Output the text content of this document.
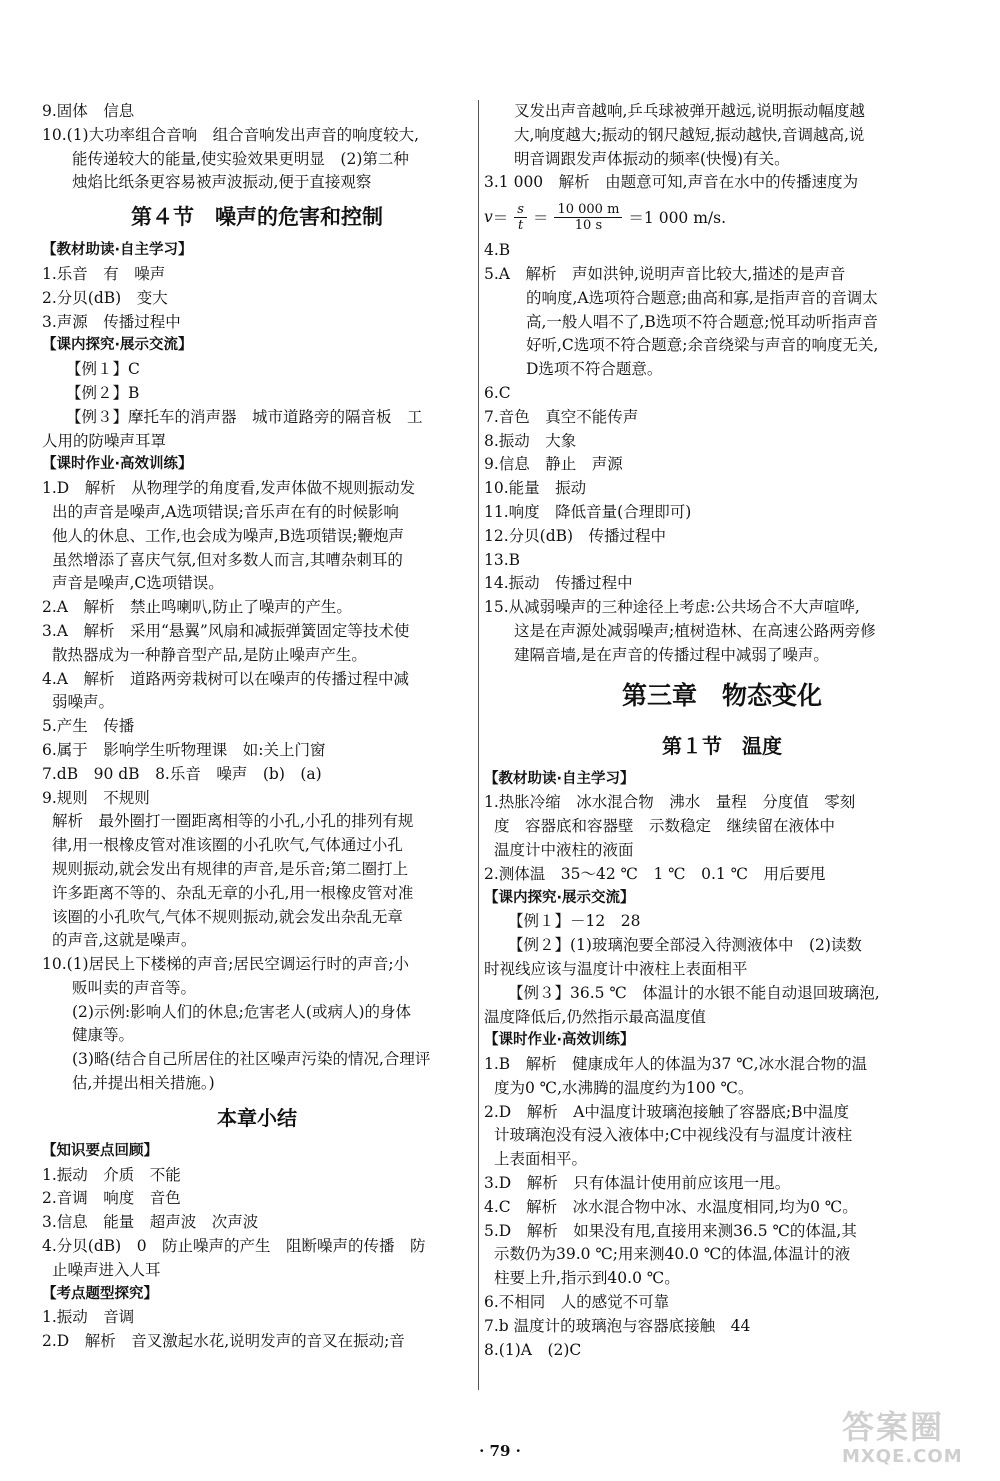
9.固体　信息
10.(1)大功率组合音响　组合音响发出声音的响度较大,
能传递较大的能量,使实验效果更明显　(2)第二种
烛焰比纸条更容易被声波振动,便于直接观察
第４节　噪声的危害和控制
【教材助读·自主学习】
1.乐音　有　噪声
2.分贝(dB)　变大
3.声源　传播过程中
【课内探究·展示交流】
【例１】C
【例２】B
【例３】摩托车的消声器　城市道路旁的隔音板　工
人用的防噪声耳罩
【课时作业·高效训练】
1.D　解析　从物理学的角度看,发声体做不规则振动发
出的声音是噪声,A选项错误;音乐声在有的时候影响
他人的休息、工作,也会成为噪声,B选项错误;鞭炮声
虽然增添了喜庆气氛,但对多数人而言,其嘈杂刺耳的
声音是噪声,C选项错误。
2.A　解析　禁止鸣喇叭,防止了噪声的产生。
3.A　解析　采用“悬翼”风扇和减振弹簧固定等技术使
散热器成为一种静音型产品,是防止噪声产生。
4.A　解析　道路两旁栽树可以在噪声的传播过程中减
弱噪声。
5.产生　传播
6.属于　影响学生听物理课　如:关上门窗
7.dB　90 dB　8.乐音　噪声　(b)　(a)
9.规则　不规则
解析　最外圈打一圈距离相等的小孔,小孔的排列有规
律,用一根橡皮管对准该圈的小孔吹气,气体通过小孔
规则振动,就会发出有规律的声音,是乐音;第二圈打上
许多距离不等的、杂乱无章的小孔,用一根橡皮管对准
该圈的小孔吹气,气体不规则振动,就会发出杂乱无章
的声音,这就是噪声。
10.(1)居民上下楼梯的声音;居民空调运行时的声音;小
贩叫卖的声音等。
(2)示例:影响人们的休息;危害老人(或病人)的身体
健康等。
(3)略(结合自己所居住的社区噪声污染的情况,合理评
估,并提出相关措施。)
本章小结
【知识要点回顾】
1.振动　介质　不能
2.音调　响度　音色
3.信息　能量　超声波　次声波
4.分贝(dB)　0　防止噪声的产生　阻断噪声的传播　防
止噪声进入人耳
【考点题型探究】
1.振动　音调
2.D　解析　音叉激起水花,说明发声的音叉在振动;音
叉发出声音越响,乒乓球被弹开越远,说明振动幅度越
大,响度越大;振动的钢尺越短,振动越快,音调越高,说
明音调跟发声体振动的频率(快慢)有关。
3.1 000　解析　由题意可知,声音在水中的传播速度为
$v = \frac{s}{t} = \frac{10 000 m}{10 s} =1$ 000 m/s.
4.B
5.A　解析　声如洪钟,说明声音比较大,描述的是声音
的响度,A选项符合题意;曲高和寡,是指声音的音调太
高,一般人唱不了,B选项不符合题意;悦耳动听指声音
好听,C选项不符合题意;余音绕梁与声音的响度无关,
D选项不符合题意。
6.C
7.音色　真空不能传声
8.振动　大象
9.信息　静止　声源
10.能量　振动
11.响度　降低音量(合理即可)
12.分贝(dB)　传播过程中
13.B
14.振动　传播过程中
15.从减弱噪声的三种途径上考虑:公共场合不大声喧哗,
这是在声源处减弱噪声;植树造林、在高速公路两旁修
建隔音墙,是在声音的传播过程中减弱了噪声。
第三章　物态变化
第１节　温度
【教材助读·自主学习】
1.热胀冷缩　冰水混合物　沸水　量程　分度值　零刻
度　容器底和容器壁　示数稳定　继续留在液体中
温度计中液柱的液面
2.测体温　35～42 ℃　1 ℃　0.1 ℃　用后要甩
【课内探究·展示交流】
【例１】－12　28
【例２】(1)玻璃泡要全部浸入待测液体中　(2)读数
时视线应该与温度计中液柱上表面相平
【例３】36.5 ℃　体温计的水银不能自动退回玻璃泡,
温度降低后,仍然指示最高温度值
【课时作业·高效训练】
1.B　解析　健康成年人的体温为37 ℃,冰水混合物的温
度为0 ℃,水沸腾的温度约为100 ℃。
2.D　解析　A中温度计玻璃泡接触了容器底;B中温度
计玻璃泡没有浸入液体中;C中视线没有与温度计液柱
上表面相平。
3.D　解析　只有体温计使用前应该甩一甩。
4.C　解析　冰水混合物中冰、水温度相同,均为0 ℃。
5.D　解析　如果没有甩,直接用来测36.5 ℃的体温,其
示数仍为39.0 ℃;用来测40.0 ℃的体温,体温计的液
柱要上升,指示到40.0 ℃。
6.不相同　人的感觉不可靠
7.b 温度计的玻璃泡与容器底接触　44
8.(1)A　(2)C
· 79 ·
答案圈
MXQE.COM
